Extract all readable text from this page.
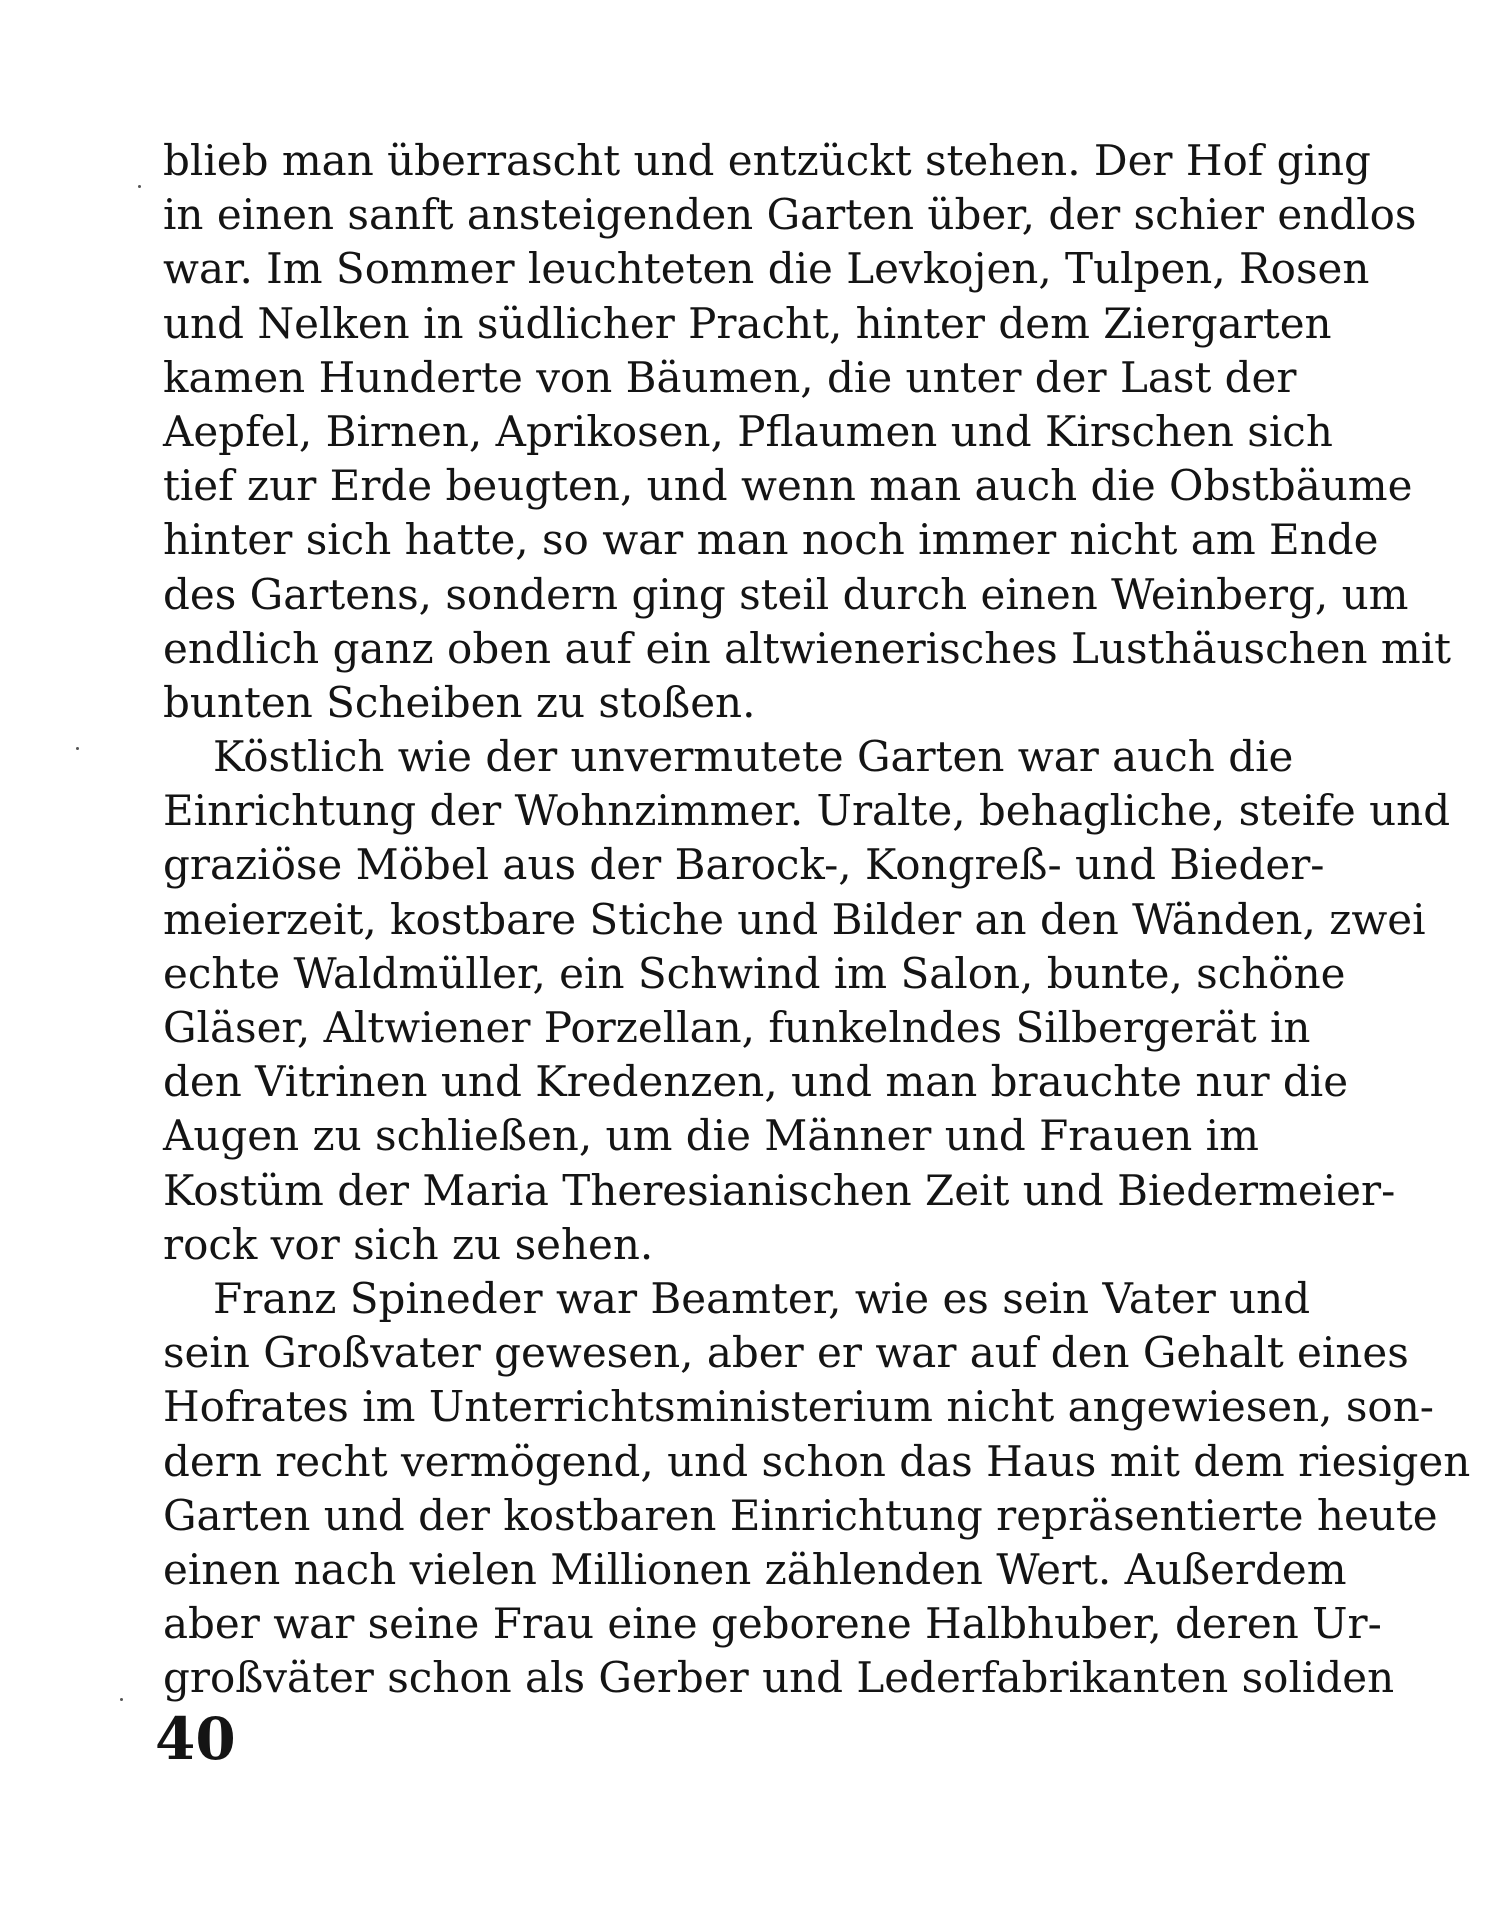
blieb man überrascht und entzückt stehen. Der Hof ging
in einen sanft ansteigenden Garten über, der schier endlos
war. Im Sommer leuchteten die Levkojen, Tulpen, Rosen
und Nelken in südlicher Pracht, hinter dem Ziergarten
kamen Hunderte von Bäumen, die unter der Last der
Aepfel, Birnen, Aprikosen, Pflaumen und Kirschen sich
tief zur Erde beugten, und wenn man auch die Obstbäume
hinter sich hatte, so war man noch immer nicht am Ende
des Gartens, sondern ging steil durch einen Weinberg, um
endlich ganz oben auf ein altwienerisches Lusthäuschen mit
bunten Scheiben zu stoßen.
Köstlich wie der unvermutete Garten war auch die
Einrichtung der Wohnzimmer. Uralte, behagliche, steife und
graziöse Möbel aus der Barock-, Kongreß- und Bieder-
meierzeit, kostbare Stiche und Bilder an den Wänden, zwei
echte Waldmüller, ein Schwind im Salon, bunte, schöne
Gläser, Altwiener Porzellan, funkelndes Silbergerät in
den Vitrinen und Kredenzen, und man brauchte nur die
Augen zu schließen, um die Männer und Frauen im
Kostüm der Maria Theresianischen Zeit und Biedermeier-
rock vor sich zu sehen.
Franz Spineder war Beamter, wie es sein Vater und
sein Großvater gewesen, aber er war auf den Gehalt eines
Hofrates im Unterrichtsministerium nicht angewiesen, son-
dern recht vermögend, und schon das Haus mit dem riesigen
Garten und der kostbaren Einrichtung repräsentierte heute
einen nach vielen Millionen zählenden Wert. Außerdem
aber war seine Frau eine geborene Halbhuber, deren Ur-
großväter schon als Gerber und Lederfabrikanten soliden
40
